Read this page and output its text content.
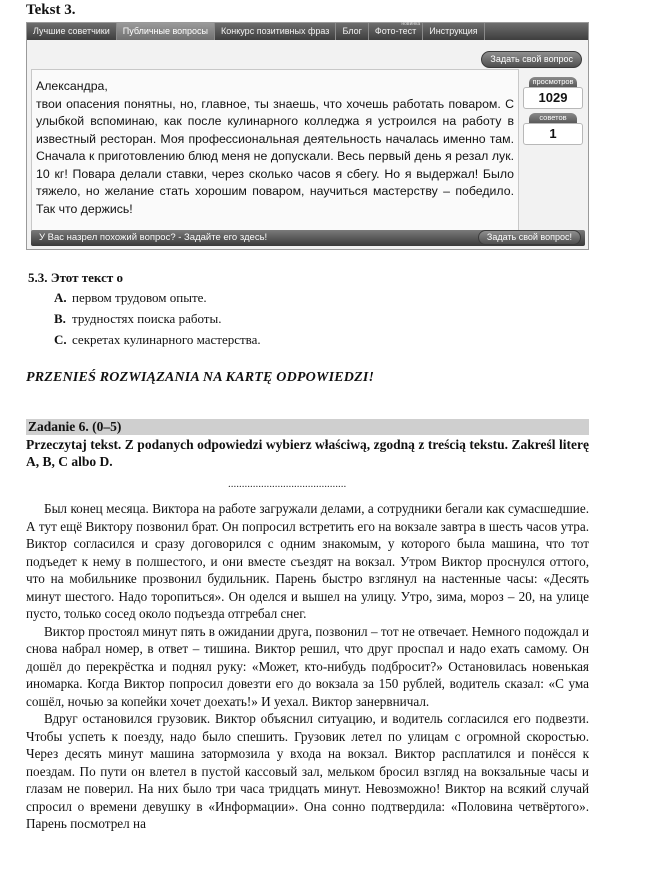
Tekst 3.
Лучшие советчики	Публичные вопросы	Конкурс позитивных фраз	Блог	Фото-тест
новинка
Инструкция
Задать свой вопрос

Александра,

твои опасения понятны, но, главное, ты знаешь, что хочешь работать поваром. С улыбкой вспоминаю, как после кулинарного колледжа я устроился на работу в известный ресторан. Моя профессиональная деятельность началась именно там. Сначала к приготовлению блюд меня не допускали. Весь первый день я резал лук. 10 кг! Повара делали ставки, через сколько часов я сбегу. Но я выдержал! Было тяжело, но желание стать хорошим поваром, научиться мастерству – победило. Так что держись!

просмотров
1029
советов
1
У Вас назрел похожий вопрос? - Задайте его здесь!	Задать свой вопрос!
5.3. Этот текст о
A. первом трудовом опыте.
B. трудностях поиска работы.
C. секретах кулинарного мастерства.
PRZENIEŚ ROZWIĄZANIA NA KARTĘ ODPOWIEDZI!
Zadanie 6. (0–5)
Przeczytaj tekst. Z podanych odpowiedzi wybierz właściwą, zgodną z treścią tekstu. Zakreśl literę A, B, C albo D.
...........................................

Был конец месяца. Виктора на работе загружали делами, а сотрудники бегали как сумасшедшие. А тут ещё Виктору позвонил брат. Он попросил встретить его на вокзале завтра в шесть часов утра. Виктор согласился и сразу договорился с одним знакомым, у которого была машина, что тот подъедет к нему в полшестого, и они вместе съездят на вокзал. Утром Виктор проснулся оттого, что на мобильнике прозвонил будильник. Парень быстро взглянул на настенные часы: «Десять минут шестого. Надо торопиться». Он оделся и вышел на улицу. Утро, зима, мороз – 20, на улице пусто, только сосед около подъезда отгребал снег.

Виктор простоял минут пять в ожидании друга, позвонил – тот не отвечает. Немного подождал и снова набрал номер, в ответ – тишина. Виктор решил, что друг проспал и надо ехать самому. Он дошёл до перекрёстка и поднял руку: «Может, кто-нибудь подбросит?» Остановилась новенькая иномарка. Когда Виктор попросил довезти его до вокзала за 150 рублей, водитель сказал: «С ума сошёл, ночью за копейки хочет доехать!» И уехал. Виктор занервничал.

Вдруг остановился грузовик. Виктор объяснил ситуацию, и водитель согласился его подвезти. Чтобы успеть к поезду, надо было спешить. Грузовик летел по улицам с огромной скоростью. Через десять минут машина затормозила у входа на вокзал. Виктор расплатился и понёсся к поездам. По пути он влетел в пустой кассовый зал, мельком бросил взгляд на вокзальные часы и глазам не поверил. На них было три часа тридцать минут. Невозможно! Виктор на всякий случай спросил о времени девушку в «Информации». Она сонно подтвердила: «Половина четвёртого». Парень посмотрел на
